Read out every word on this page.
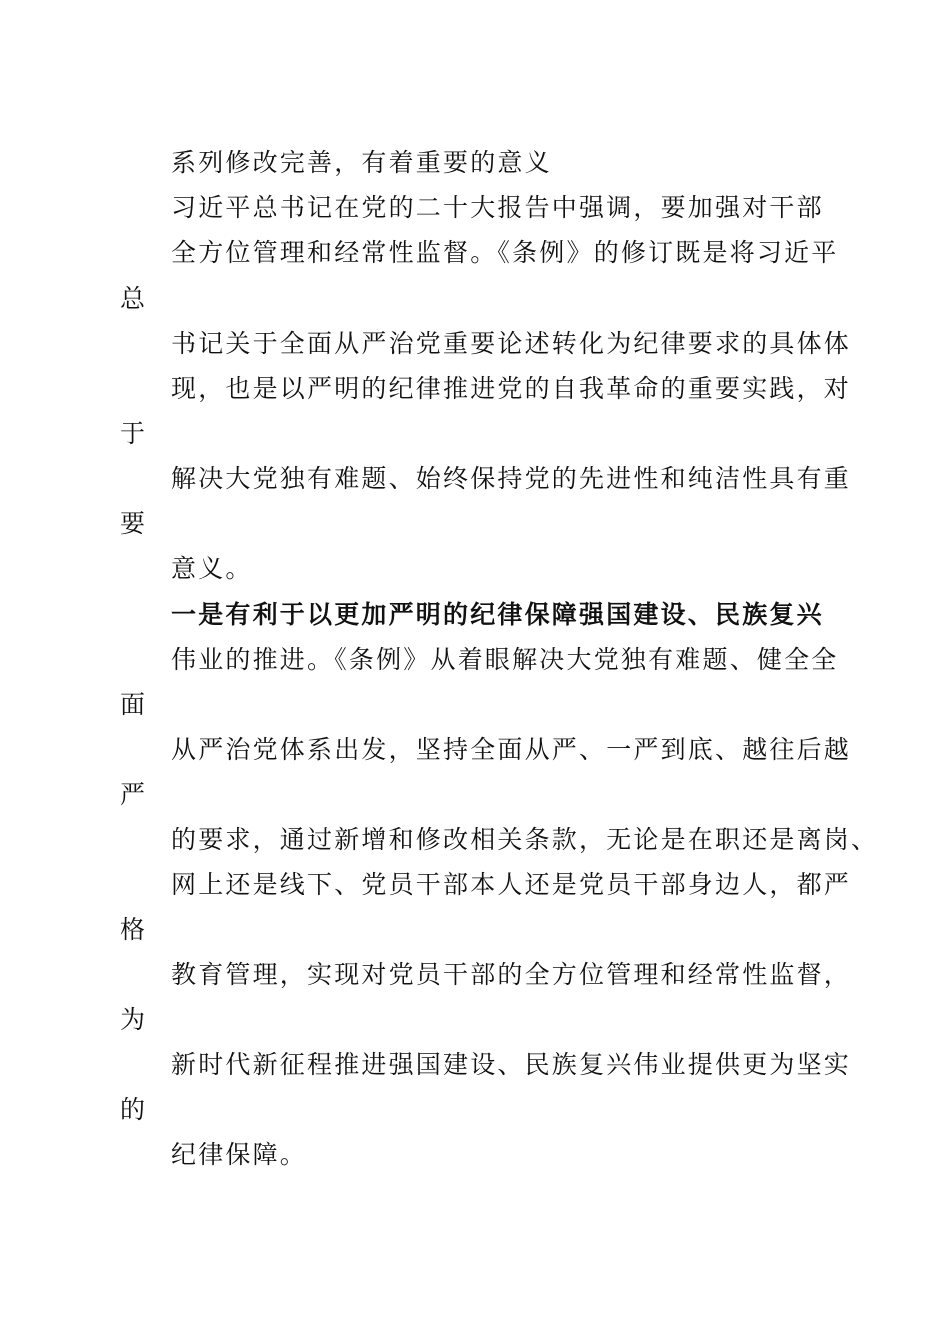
系列修改完善，有着重要的意义
习近平总书记在党的二十大报告中强调，要加强对干部
全方位管理和经常性监督。《条例》的修订既是将习近平
总
书记关于全面从严治党重要论述转化为纪律要求的具体体
现，也是以严明的纪律推进党的自我革命的重要实践，对
于
解决大党独有难题、始终保持党的先进性和纯洁性具有重
要
意义。
一是有利于以更加严明的纪律保障强国建设、民族复兴
伟业的推进。《条例》从着眼解决大党独有难题、健全全
面
从严治党体系出发，坚持全面从严、一严到底、越往后越
严
的要求，通过新增和修改相关条款，无论是在职还是离岗、
网上还是线下、党员干部本人还是党员干部身边人，都严
格
教育管理，实现对党员干部的全方位管理和经常性监督，
为
新时代新征程推进强国建设、民族复兴伟业提供更为坚实
的
纪律保障。
